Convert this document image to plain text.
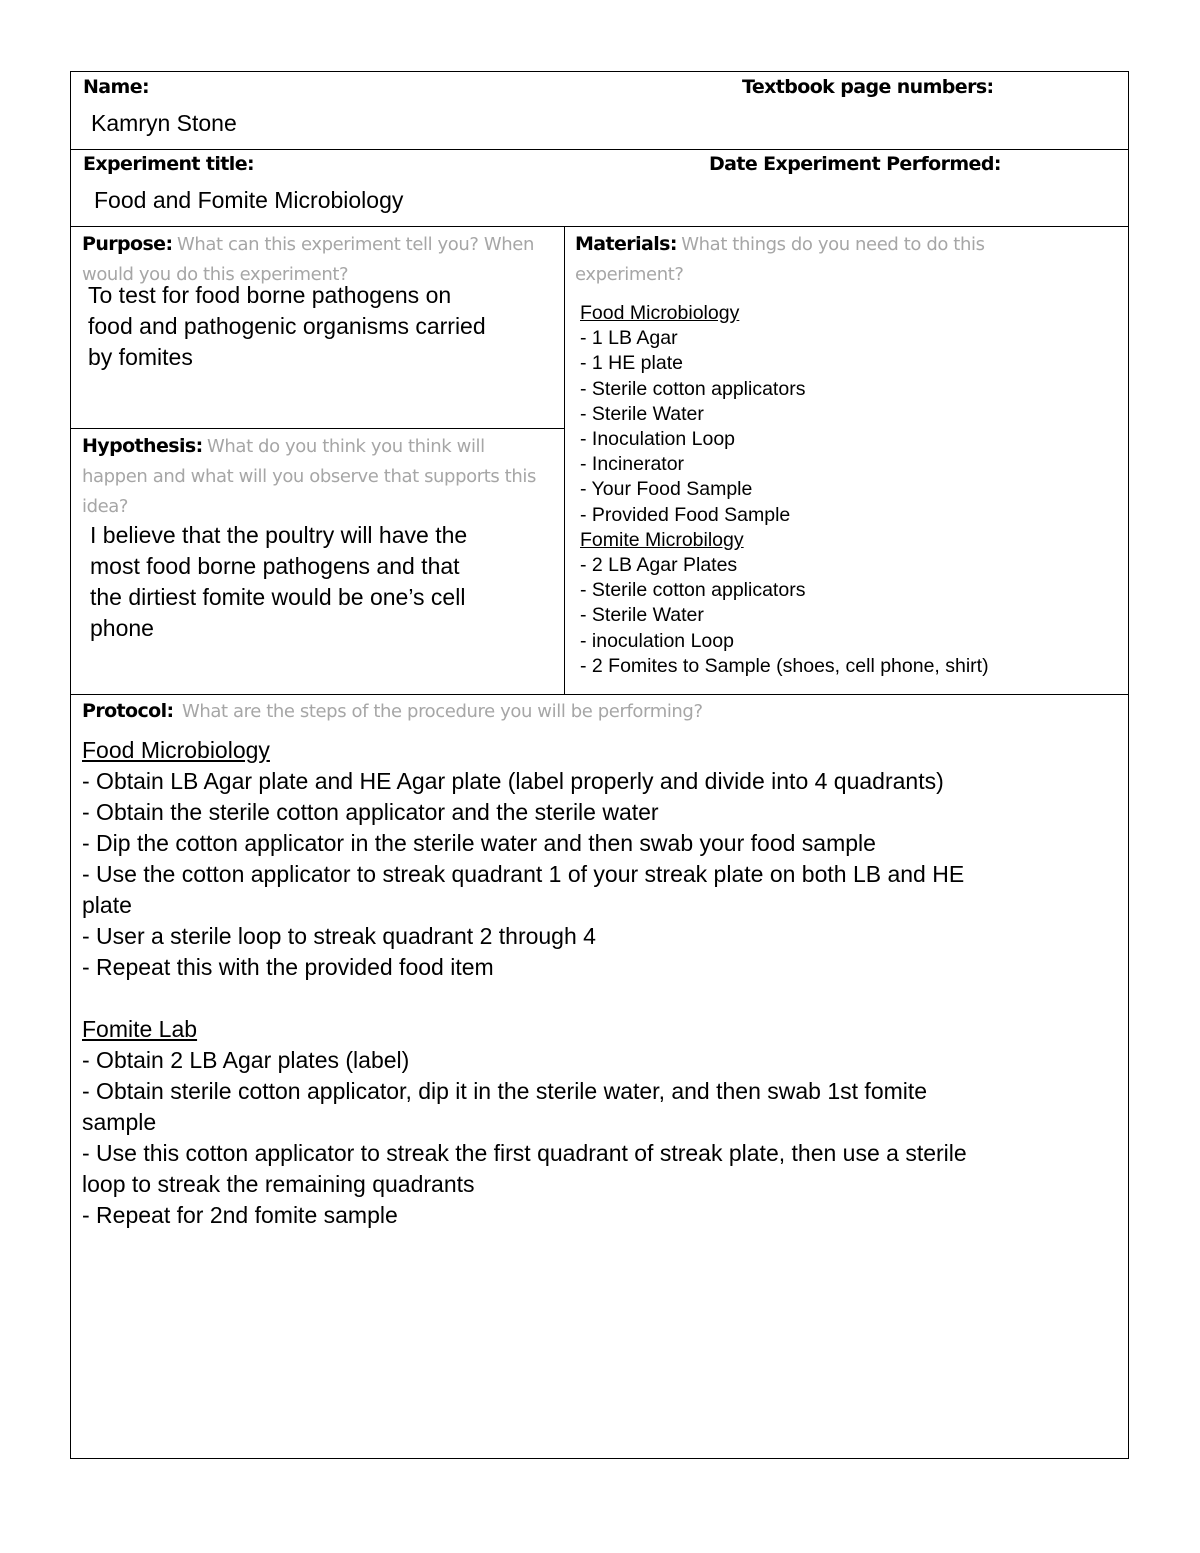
Name:	Textbook page numbers:
Kamryn Stone
Experiment title:	Date Experiment Performed:
Food and Fomite Microbiology
Purpose: What can this experiment tell you? When would you do this experiment?
To test for food borne pathogens on
food and pathogenic organisms carried
by fomites
Hypothesis: What do you think you think will happen and what will you observe that supports this idea?
I believe that the poultry will have the
most food borne pathogens and that
the dirtiest fomite would be one’s cell
phone
Materials: What things do you need to do this
experiment?
Food Microbiology
- 1 LB Agar
- 1 HE plate
- Sterile cotton applicators
- Sterile Water
- Inoculation Loop
- Incinerator
- Your Food Sample
- Provided Food Sample
Fomite Microbilogy
- 2 LB Agar Plates
- Sterile cotton applicators
- Sterile Water
- inoculation Loop
- 2 Fomites to Sample (shoes, cell phone, shirt)
Protocol: What are the steps of the procedure you will be performing?
Food Microbiology
- Obtain LB Agar plate and HE Agar plate (label properly and divide into 4 quadrants)
- Obtain the sterile cotton applicator and the sterile water
- Dip the cotton applicator in the sterile water and then swab your food sample
- Use the cotton applicator to streak quadrant 1 of your streak plate on both LB and HE
plate
- User a sterile loop to streak quadrant 2 through 4
- Repeat this with the provided food item
Fomite Lab
- Obtain 2 LB Agar plates (label)
- Obtain sterile cotton applicator, dip it in the sterile water, and then swab 1st fomite
sample
- Use this cotton applicator to streak the first quadrant of streak plate, then use a sterile
loop to streak the remaining quadrants
- Repeat for 2nd fomite sample
